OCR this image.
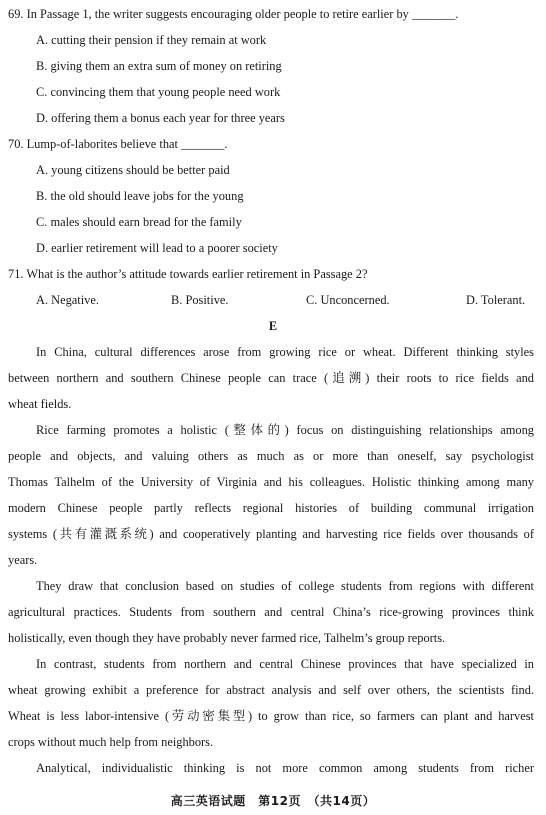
69. In Passage 1, the writer suggests encouraging older people to retire earlier by _______.
A. cutting their pension if they remain at work
B. giving them an extra sum of money on retiring
C. convincing them that young people need work
D. offering them a bonus each year for three years
70. Lump-of-laborites believe that _______.
A. young citizens should be better paid
B. the old should leave jobs for the young
C. males should earn bread for the family
D. earlier retirement will lead to a poorer society
71. What is the author’s attitude towards earlier retirement in Passage 2?
A. Negative.	B. Positive.	C. Unconcerned.	D. Tolerant.
E
In China, cultural differences arose from growing rice or wheat. Different thinking styles
between northern and southern Chinese people can trace (追溯) their roots to rice fields and
wheat fields.
Rice farming promotes a holistic (整体的) focus on distinguishing relationships among
people and objects, and valuing others as much as or more than oneself, say psychologist
Thomas Talhelm of the University of Virginia and his colleagues. Holistic thinking among many
modern Chinese people partly reflects regional histories of building communal irrigation
systems (共有灌溉系统) and cooperatively planting and harvesting rice fields over thousands of
years.
They draw that conclusion based on studies of college students from regions with different
agricultural practices. Students from southern and central China’s rice-growing provinces think
holistically, even though they have probably never farmed rice, Talhelm’s group reports.
In contrast, students from northern and central Chinese provinces that have specialized in
wheat growing exhibit a preference for abstract analysis and self over others, the scientists find.
Wheat is less labor-intensive (劳动密集型) to grow than rice, so farmers can plant and harvest
crops without much help from neighbors.
Analytical, individualistic thinking is not more common among students from richer
高三英语试题　第12页　（共14页）
